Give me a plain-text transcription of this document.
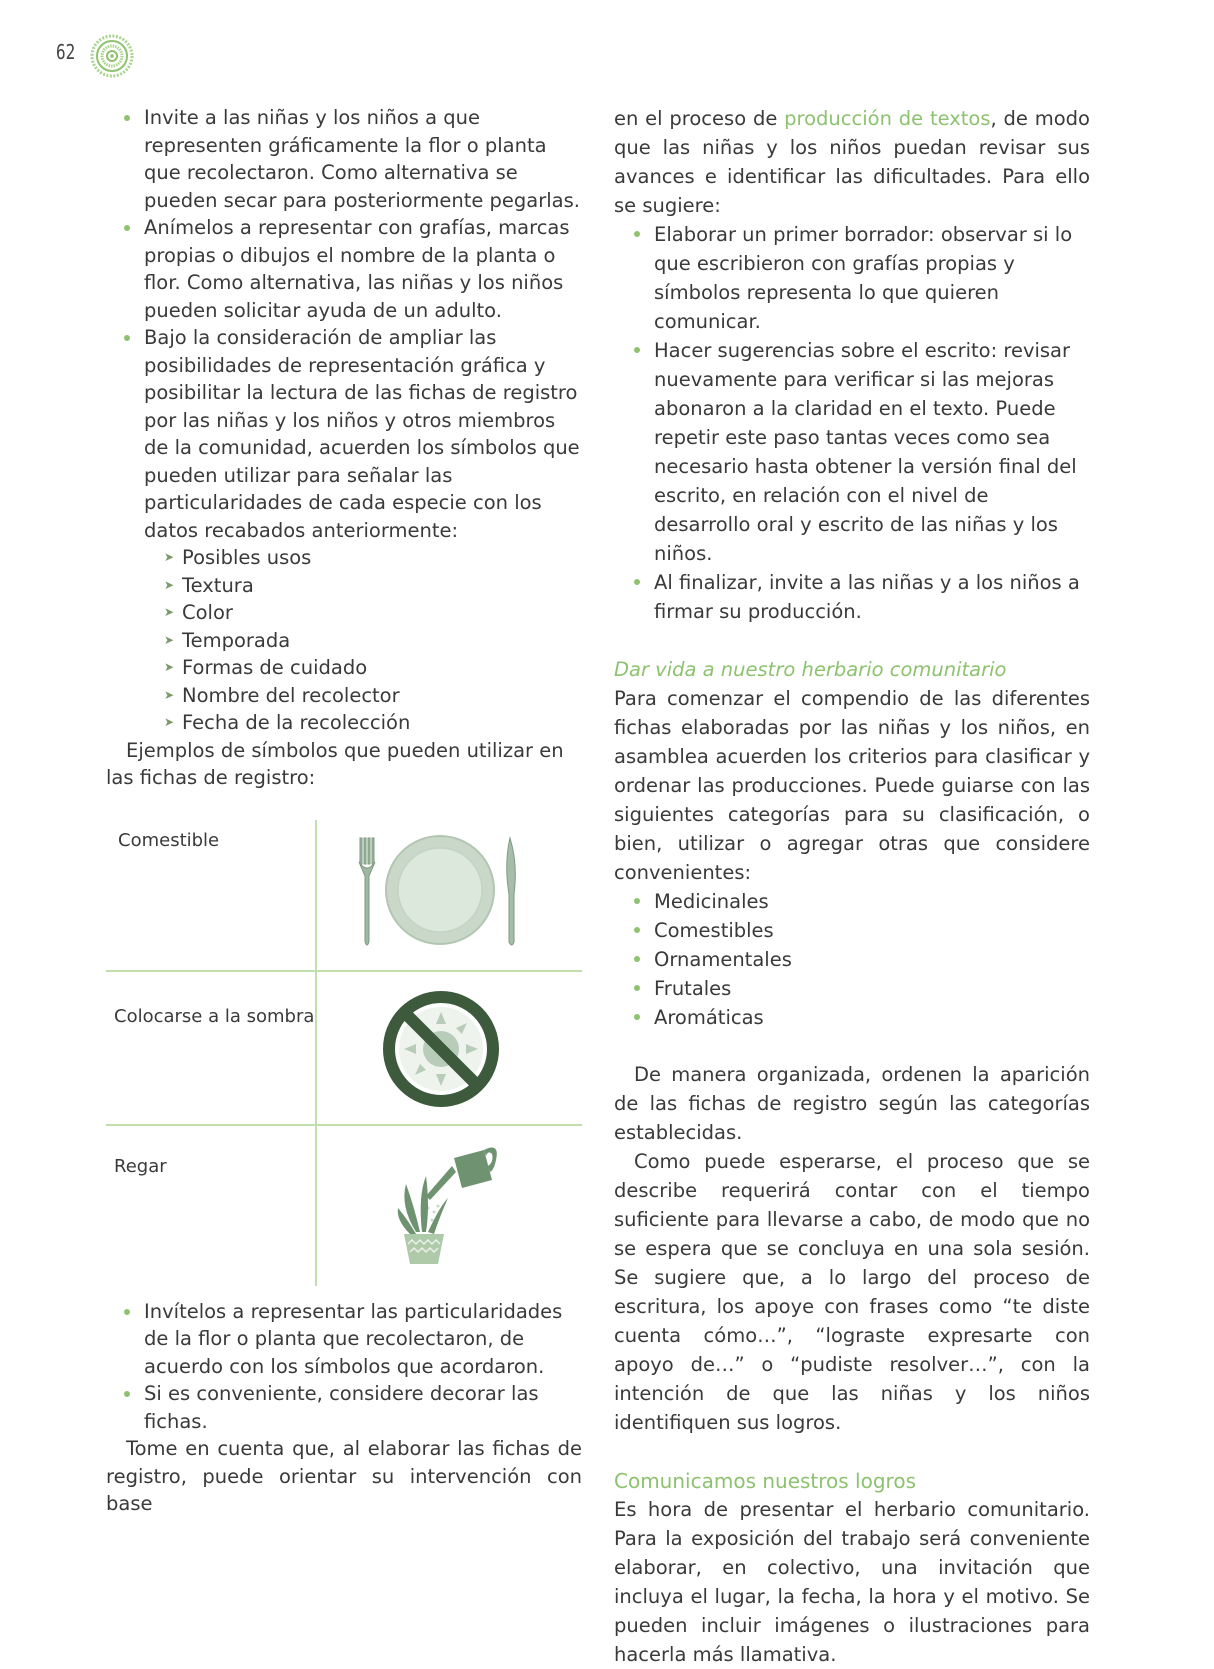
62
Invite a las niñas y los niños a que representen gráficamente la flor o planta que recolectaron. Como alternativa se pueden secar para posteriormente pegarlas.
Anímelos a representar con grafías, marcas propias o dibujos el nombre de la planta o flor. Como alternativa, las niñas y los niños pueden solicitar ayuda de un adulto.
Bajo la consideración de ampliar las posibilidades de representación gráfica y posibilitar la lectura de las fichas de registro por las niñas y los niños y otros miembros de la comunidad, acuerden los símbolos que pueden utilizar para señalar las particularidades de cada especie con los datos recabados anteriormente:
➤ Posibles usos
➤ Textura
➤ Color
➤ Temporada
➤ Formas de cuidado
➤ Nombre del recolector
➤ Fecha de la recolección

Ejemplos de símbolos que pueden utilizar en las fichas de registro:

Comestible
Colocarse a la sombra
Regar
Invítelos a representar las particularidades de la flor o planta que recolectaron, de acuerdo con los símbolos que acordaron.
Si es conveniente, considere decorar las fichas.

Tome en cuenta que, al elaborar las fichas de registro, puede orientar su intervención con base

en el proceso de producción de textos, de modo que las niñas y los niños puedan revisar sus avances e identificar las dificultades. Para ello se sugiere:

Elaborar un primer borrador: observar si lo que escribieron con grafías propias y símbolos representa lo que quieren comunicar.
Hacer sugerencias sobre el escrito: revisar nuevamente para verificar si las mejoras abonaron a la claridad en el texto. Puede repetir este paso tantas veces como sea necesario hasta obtener la versión final del escrito, en relación con el nivel de desarrollo oral y escrito de las niñas y los niños.
Al finalizar, invite a las niñas y a los niños a firmar su producción.

Dar vida a nuestro herbario comunitario

Para comenzar el compendio de las diferentes fichas elaboradas por las niñas y los niños, en asamblea acuerden los criterios para clasificar y ordenar las producciones. Puede guiarse con las siguientes categorías para su clasificación, o bien, utilizar o agregar otras que considere convenientes:

Medicinales
Comestibles
Ornamentales
Frutales
Aromáticas

De manera organizada, ordenen la aparición de las fichas de registro según las categorías establecidas.

Como puede esperarse, el proceso que se describe requerirá contar con el tiempo suficiente para llevarse a cabo, de modo que no se espera que se concluya en una sola sesión. Se sugiere que, a lo largo del proceso de escritura, los apoye con frases como “te diste cuenta cómo…”, “lograste expresarte con apoyo de…” o “pudiste resolver…”, con la intención de que las niñas y los niños identifiquen sus logros.

Comunicamos nuestros logros

Es hora de presentar el herbario comunitario. Para la exposición del trabajo será conveniente elaborar, en colectivo, una invitación que incluya el lugar, la fecha, la hora y el motivo. Se pueden incluir imágenes o ilustraciones para hacerla más llamativa.
